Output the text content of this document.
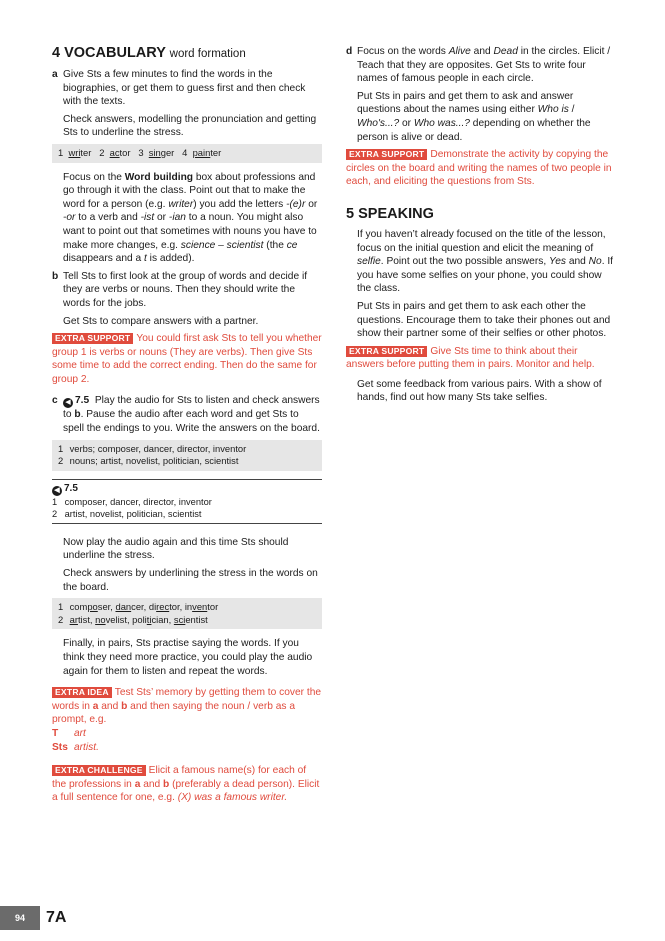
4 VOCABULARY word formation
a Give Sts a few minutes to find the words in the biographies, or get them to guess first and then check with the texts.

Check answers, modelling the pronunciation and getting Sts to underline the stress.

1 writer 2 actor 3 singer 4 painter

Focus on the Word building box about professions and go through it with the class. Point out that to make the word for a person (e.g. writer) you add the letters -(e)r or -or to a verb and -ist or -ian to a noun. You might also want to point out that sometimes with nouns you have to make more changes, e.g. science – scientist (the ce disappears and a t is added).

b Tell Sts to first look at the group of words and decide if they are verbs or nouns. Then they should write the words for the jobs.

Get Sts to compare answers with a partner.

EXTRA SUPPORT You could first ask Sts to tell you whether group 1 is verbs or nouns (They are verbs). Then give Sts some time to add the correct ending. Then do the same for group 2.
c	◀ 7.5 Play the audio for Sts to listen and check answers to b. Pause the audio after each word and get Sts to spell the endings to you. Write the answers on the board.

1 verbs; composer, dancer, director, inventor
2 nouns; artist, novelist, politician, scientist
◀ 7.5
1 composer, dancer, director, inventor
2 artist, novelist, politician, scientist

Now play the audio again and this time Sts should underline the stress.

Check answers by underlining the stress in the words on the board.

1 composer, dancer, director, inventor
2 artist, novelist, politician, scientist

Finally, in pairs, Sts practise saying the words. If you think they need more practice, you could play the audio again for them to listen and repeat the words.

EXTRA IDEA Test Sts’ memory by getting them to cover the words in a and b and then saying the noun / verb as a prompt, e.g.
T art
Sts artist.
EXTRA CHALLENGE Elicit a famous name(s) for each of the professions in a and b (preferably a dead person). Elicit a full sentence for one, e.g. (X) was a famous writer.
d Focus on the words Alive and Dead in the circles. Elicit / Teach that they are opposites. Get Sts to write four names of famous people in each circle.

Put Sts in pairs and get them to ask and answer questions about the names using either Who is / Who's...? or Who was...? depending on whether the person is alive or dead.

EXTRA SUPPORT Demonstrate the activity by copying the circles on the board and writing the names of two people in each, and eliciting the questions from Sts.
5 SPEAKING

If you haven’t already focused on the title of the lesson, focus on the initial question and elicit the meaning of selfie. Point out the two possible answers, Yes and No. If you have some selfies on your phone, you could show the class.

Put Sts in pairs and get them to ask each other the questions. Encourage them to take their phones out and show their partner some of their selfies or other photos.

EXTRA SUPPORT Give Sts time to think about their answers before putting them in pairs. Monitor and help.

Get some feedback from various pairs. With a show of hands, find out how many Sts take selfies.

94	7A
